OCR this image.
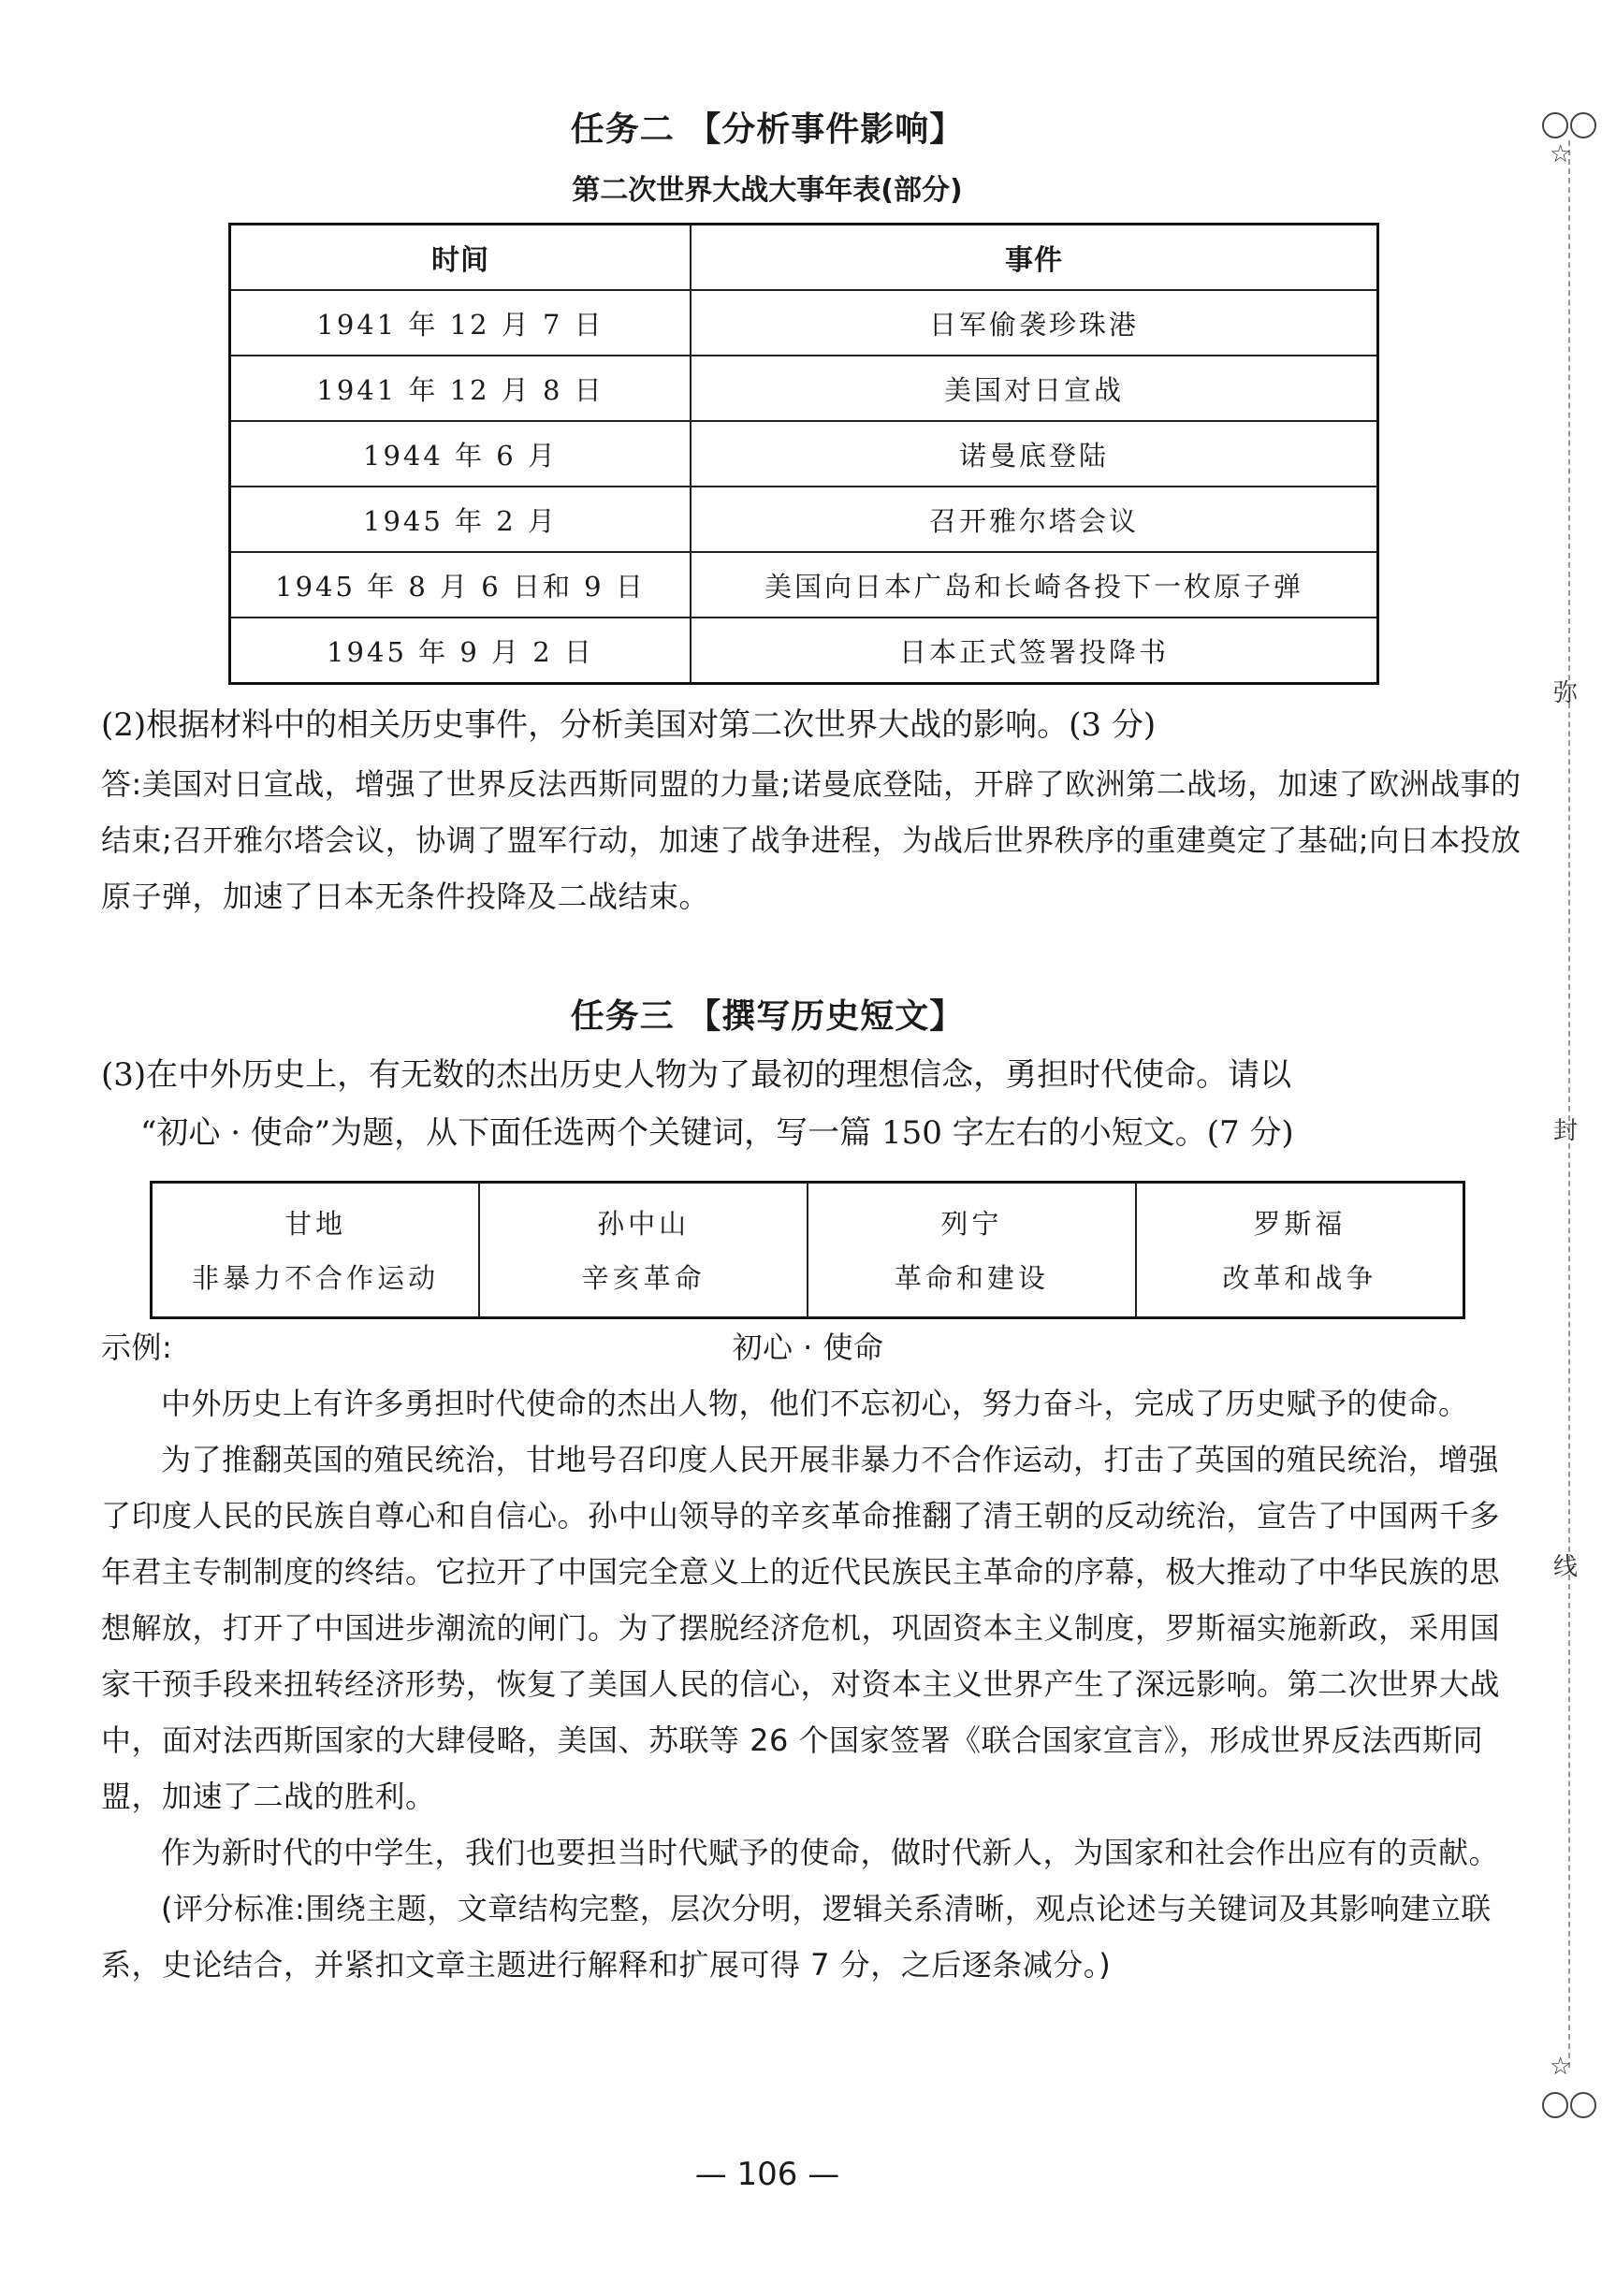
任务二 【分析事件影响】
第二次世界大战大事年表(部分)
时间	事件
1941 年 12 月 7 日	日军偷袭珍珠港
1941 年 12 月 8 日	美国对日宣战
1944 年 6 月	诺曼底登陆
1945 年 2 月	召开雅尔塔会议
1945 年 8 月 6 日和 9 日	美国向日本广岛和长崎各投下一枚原子弹
1945 年 9 月 2 日	日本正式签署投降书
(2)根据材料中的相关历史事件，分析美国对第二次世界大战的影响。(3 分)
答:美国对日宣战，增强了世界反法西斯同盟的力量;诺曼底登陆，开辟了欧洲第二战场，加速了欧洲战事的结束;召开雅尔塔会议，协调了盟军行动，加速了战争进程，为战后世界秩序的重建奠定了基础;向日本投放原子弹，加速了日本无条件投降及二战结束。
任务三 【撰写历史短文】
(3)在中外历史上，有无数的杰出历史人物为了最初的理想信念，勇担时代使命。请以
“初心 · 使命”为题，从下面任选两个关键词，写一篇 150 字左右的小短文。(7 分)
甘地
非暴力不合作运动

孙中山
辛亥革命

列宁
革命和建设

罗斯福
改革和战争
示例:	初心 · 使命
中外历史上有许多勇担时代使命的杰出人物，他们不忘初心，努力奋斗，完成了历史赋予的使命。
为了推翻英国的殖民统治，甘地号召印度人民开展非暴力不合作运动，打击了英国的殖民统治，增强了印度人民的民族自尊心和自信心。孙中山领导的辛亥革命推翻了清王朝的反动统治，宣告了中国两千多年君主专制制度的终结。它拉开了中国完全意义上的近代民族民主革命的序幕，极大推动了中华民族的思想解放，打开了中国进步潮流的闸门。为了摆脱经济危机，巩固资本主义制度，罗斯福实施新政，采用国家干预手段来扭转经济形势，恢复了美国人民的信心，对资本主义世界产生了深远影响。第二次世界大战中，面对法西斯国家的大肆侵略，美国、苏联等 26 个国家签署《联合国家宣言》，形成世界反法西斯同盟，加速了二战的胜利。
作为新时代的中学生，我们也要担当时代赋予的使命，做时代新人，为国家和社会作出应有的贡献。
(评分标准:围绕主题，文章结构完整，层次分明，逻辑关系清晰，观点论述与关键词及其影响建立联系，史论结合，并紧扣文章主题进行解释和扩展可得 7 分，之后逐条减分。)
— 106 —
☆
☆
弥
封
线
